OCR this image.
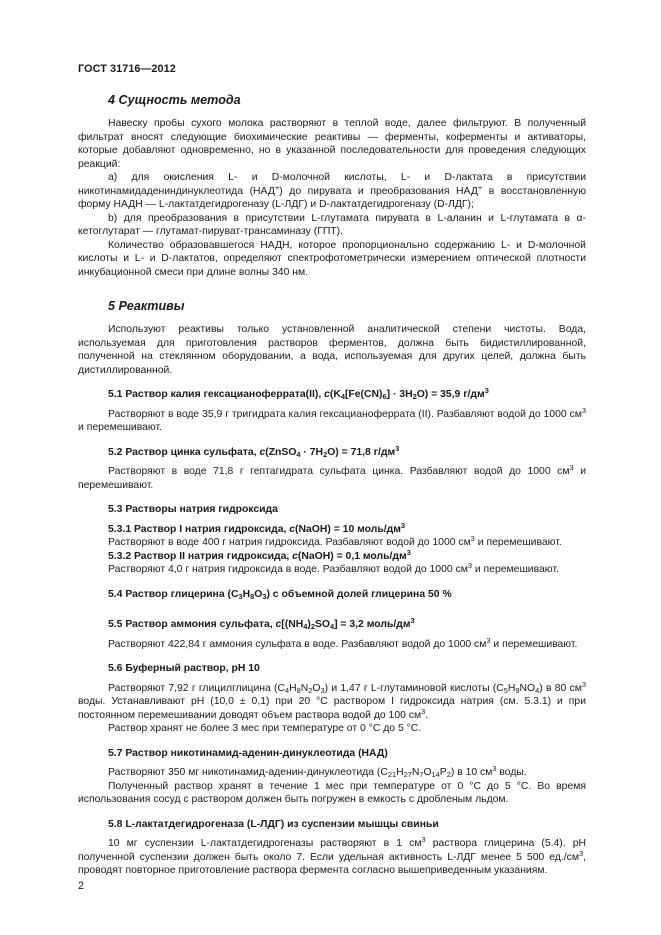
ГОСТ 31716—2012
4 Сущность метода

Навеску пробы сухого молока растворяют в теплой воде, далее фильтруют. В полученный фильтрат вносят следующие биохимические реактивы — ферменты, коферменты и активаторы, которые добавляют одновременно, но в указанной последовательности для проведения следующих реакций:

a) для окисления L- и D-молочной кислоты, L- и D-лактата в присутствии никотинамидадениндинуклеотида (НАД+) до пирувата и преобразования НАД+ в восстановленную форму НАДН — L-лактатдегидрогеназу (L-ЛДГ) и D-лактатдегидрогеназу (D-ЛДГ);

b) для преобразования в присутствии L-глутамата пирувата в L-аланин и L-глутамата в α-кетоглутарат — глутамат-пируват-трансаминазу (ГПТ).

Количество образовавшегося НАДН, которое пропорционально содержанию L- и D-молочной кислоты и L- и D-лактатов, определяют спектрофотометрически измерением оптической плотности инкубационной смеси при длине волны 340 нм.

5 Реактивы

Используют реактивы только установленной аналитической степени чистоты. Вода, используемая для приготовления растворов ферментов, должна быть бидистиллированной, полученной на стеклянном оборудовании, а вода, используемая для других целей, должна быть дистиллированной.

5.1 Раствор калия гексацианоферрата(II), $c(K_4[Fe(CN)_6] \cdot 3H_2O) = 35,9$ $г/дм^3$

Растворяют в воде 35,9 г тригидрата калия гексацианоферрата (II). Разбавляют водой до 1000 $см^3$ и перемешивают.

5.2 Раствор цинка сульфата, c(ZnSO$_4$ · $7H_2O) = 71,8$ $г/дм^3$

Растворяют в воде 71,8 г гептагидрата сульфата цинка. Разбавляют водой до 1000 $см^3$ и перемешивают.

5.3 Растворы натрия гидроксида
5.3.1 Раствор I натрия гидроксида, c(NaOH) = 10 моль/$дм^3$

Растворяют в воде 400 г натрия гидроксида. Разбавляют водой до 1000 $см^3$ и перемешивают.

5.3.2 Раствор II натрия гидроксида, c(NaOH) = 0,1 моль/$дм^3$

Растворяют 4,0 г натрия гидроксида в воде. Разбавляют водой до 1000 $см^3$ и перемешивают.

5.4 Раствор глицерина $(C_3H_8O_3)$ с объемной долей глицерина 50 %
5.5 Раствор аммония сульфата, $c[(NH_4)_2SO_4] = 3,2$ моль/$дм^3$

Растворяют 422,84 г аммония сульфата в воде. Разбавляют водой до 1000 $см^3$ и перемешивают.

5.6 Буферный раствор, pH 10

Растворяют 7,92 г глицилглицина $(C_4H_8N_2O_3)$ и 1,47 г L-глутаминовой кислоты $(C_5H_9NO_4)$ в 80 $см^3$ воды. Устанавливают pH (10,0 ± 0,1) при 20 °С раствором I гидроксида натрия (см. 5.3.1) и при постоянном перемешивании доводят объем раствора водой до 100 $см^3$.

Раствор хранят не более 3 мес при температуре от 0 °С до 5 °С.

5.7 Раствор никотинамид-аденин-динуклеотида (НАД)

Растворяют 350 мг никотинамид-аденин-динуклеотида $(C_{21}H_{27}N_7O_{14}P_2)$ в 10 $см^3$ воды.

Полученный раствор хранят в течение 1 мес при температуре от 0 °С до 5 °С. Во время использования сосуд с раствором должен быть погружен в емкость с дробленым льдом.

5.8 L-лактатдегидрогеназа (L-ЛДГ) из суспензии мышцы свиньи

10 мг суспензии L-лактатдегидрогеназы растворяют в 1 $см^3$ раствора глицерина (5.4). pH полученной суспензии должен быть около 7. Если удельная активность L-ЛДГ менее 5 500 $ед./см^3$, проводят повторное приготовление раствора фермента согласно вышеприведенным указаниям.

2
